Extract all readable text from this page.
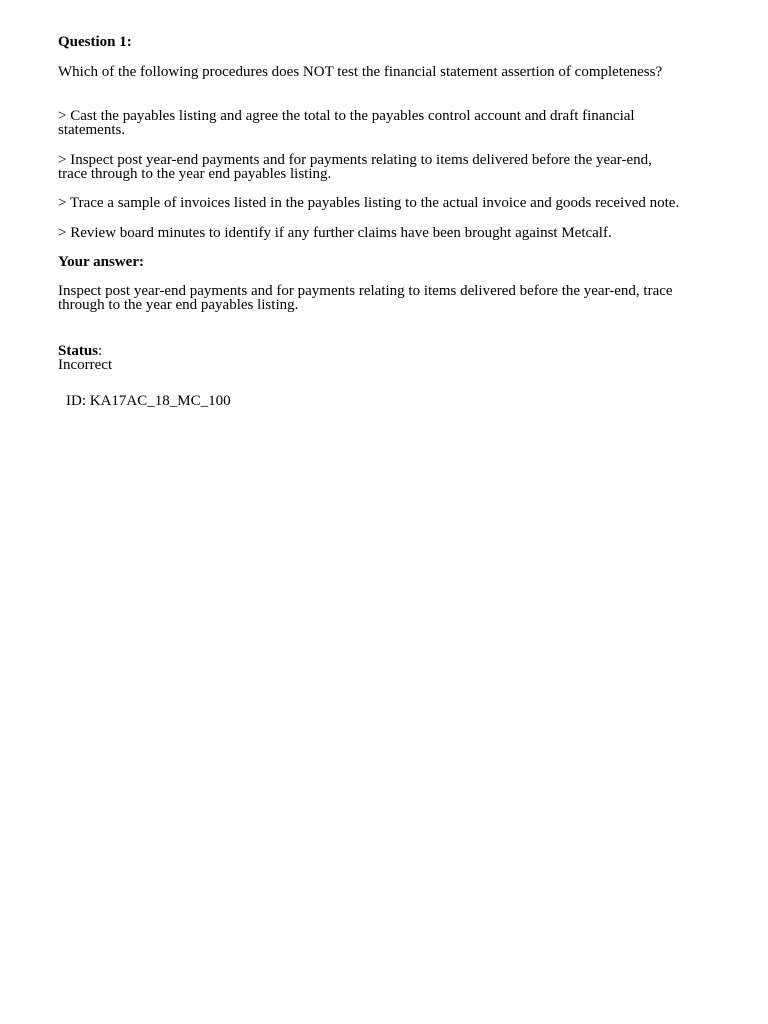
Question 1:
Which of the following procedures does NOT test the financial statement assertion of completeness?
> Cast the payables listing and agree the total to the payables control account and draft financial
statements.
> Inspect post year-end payments and for payments relating to items delivered before the year-end,
trace through to the year end payables listing.
> Trace a sample of invoices listed in the payables listing to the actual invoice and goods received note.
> Review board minutes to identify if any further claims have been brought against Metcalf.
Your answer:
Inspect post year-end payments and for payments relating to items delivered before the year-end, trace
through to the year end payables listing.
Status:
Incorrect
ID: KA17AC_18_MC_100
